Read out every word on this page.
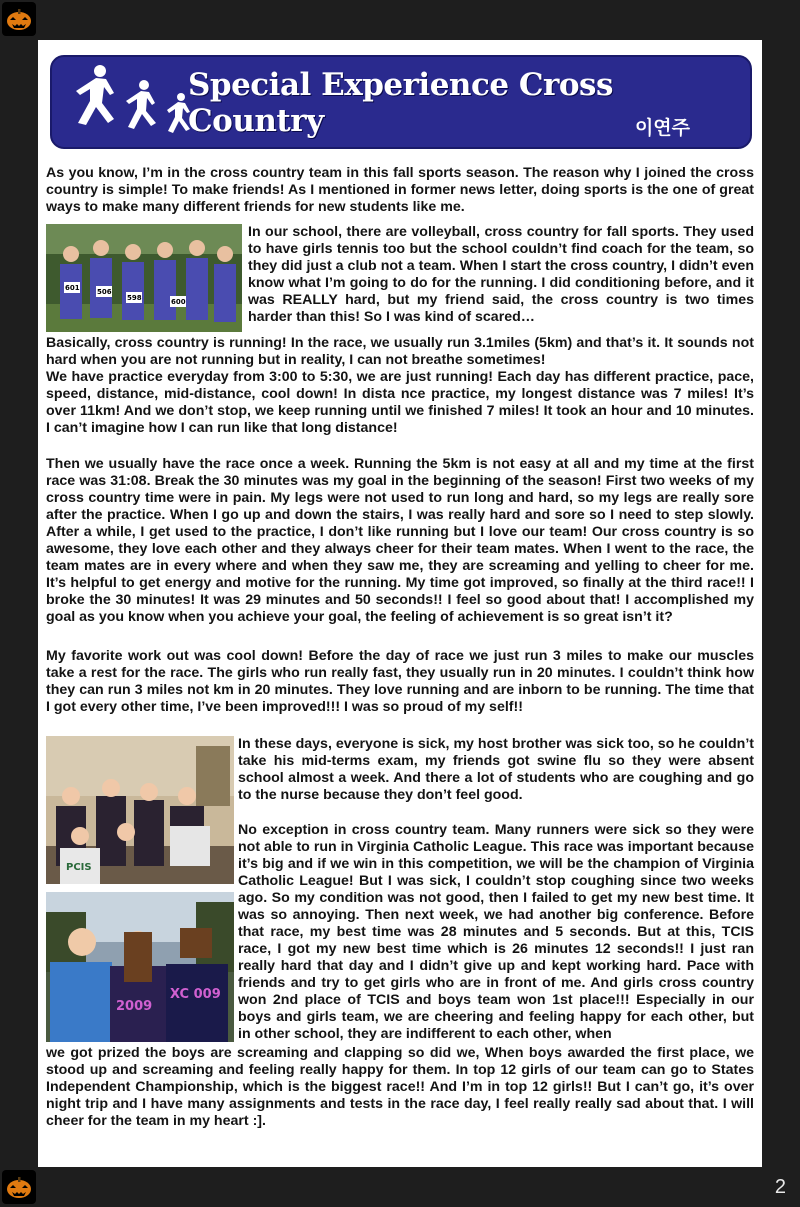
2
Special Experience Cross Country	이연주

As you know, I’m in the cross country team in this fall sports season. The reason why I joined the cross country is simple! To make friends! As I mentioned in former news letter, doing sports is the one of great ways to make many different friends for new students like me.

601 506
598	600

In our school, there are volleyball, cross country for fall sports. They used to have girls tennis too but the school couldn’t find coach for the team, so they did just a club not a team. When I start the cross country, I didn’t even know what I’m going to do for the running. I did conditioning before, and it was REALLY hard, but my friend said, the cross country is two times harder than this! So I was kind of scared…

Basically, cross country is running! In the race, we usually run 3.1miles (5km) and that’s it. It sounds not hard when you are not running but in reality, I can not breathe sometimes!

We have practice everyday from 3:00 to 5:30, we are just running! Each day has different practice, pace, speed, distance, mid-distance, cool down! In dista nce practice, my longest distance was 7 miles! It’s over 11km! And we don’t stop, we keep running until we finished 7 miles! It took an hour and 10 minutes. I can’t imagine how I can run like that long distance!

Then we usually have the race once a week. Running the 5km is not easy at all and my time at the first race was 31:08. Break the 30 minutes was my goal in the beginning of the season! First two weeks of my cross country time were in pain. My legs were not used to run long and hard, so my legs are really sore after the practice. When I go up and down the stairs, I was really hard and sore so I need to step slowly. After a while, I get used to the practice, I don’t like running but I love our team! Our cross country is so awesome, they love each other and they always cheer for their team mates. When I went to the race, the team mates are in every where and when they saw me, they are screaming and yelling to cheer for me. It’s helpful to get energy and motive for the running. My time got improved, so finally at the third race!! I broke the 30 minutes! It was 29 minutes and 50 seconds!! I feel so good about that! I accomplished my goal as you know when you achieve your goal, the feeling of achievement is so great isn’t it?

My favorite work out was cool down! Before the day of race we just run 3 miles to make our muscles take a rest for the race. The girls who run really fast, they usually run in 20 minutes. I couldn’t think how they can run 3 miles not km in 20 minutes. They love running and are inborn to be running. The time that I got every other time, I’ve been improved!!! I was so proud of my self!!

PCIS

In these days, everyone is sick, my host brother was sick too, so he couldn’t take his mid-terms exam, my friends got swine flu so they were absent school almost a week. And there a lot of students who are coughing and go to the nurse because they don’t feel good.

2009
XC 009

No exception in cross country team. Many runners were sick so they were not able to run in Virginia Catholic League. This race was important because it’s big and if we win in this competition, we will be the champion of Virginia Catholic League! But I was sick, I couldn’t stop coughing since two weeks ago. So my condition was not good, then I failed to get my new best time. It was so annoying. Then next week, we had another big conference. Before that race, my best time was 28 minutes and 5 seconds. But at this, TCIS race, I got my new best time which is 26 minutes 12 seconds!! I just ran really hard that day and I didn’t give up and kept working hard. Pace with friends and try to get girls who are in front of me. And girls cross country won 2nd place of TCIS and boys team won 1st place!!! Especially in our boys and girls team, we are cheering and feeling happy for each other, but in other school, they are indifferent to each other, when

we got prized the boys are screaming and clapping so did we, When boys awarded the first place, we stood up and screaming and feeling really happy for them. In top 12 girls of our team can go to States Independent Championship, which is the biggest race!! And I’m in top 12 girls!! But I can’t go, it’s over night trip and I have many assignments and tests in the race day, I feel really really sad about that. I will cheer for the team in my heart :].
